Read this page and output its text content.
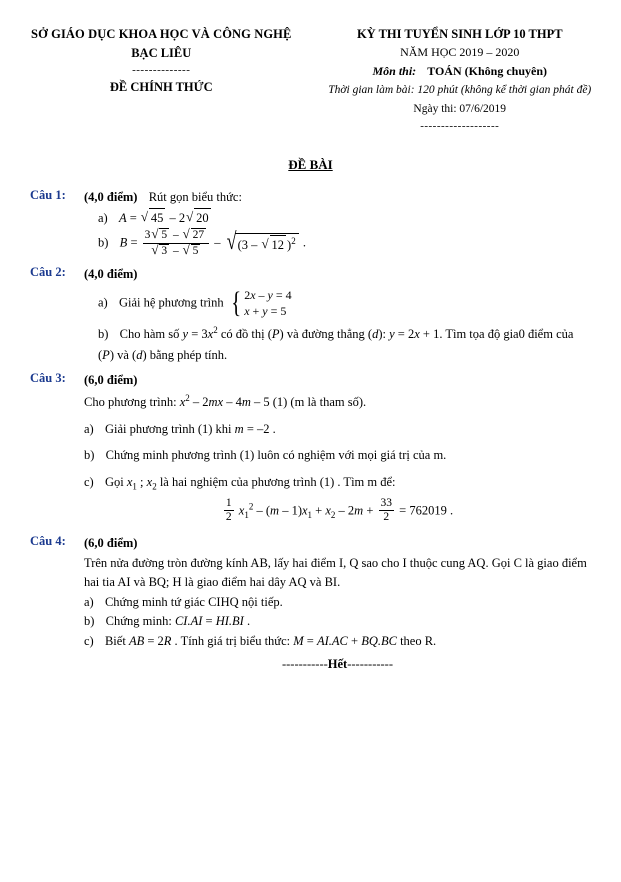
SỞ GIÁO DỤC KHOA HỌC VÀ CÔNG NGHỆ
BẠC LIÊU
--------------
ĐỀ CHÍNH THỨC
KỲ THI TUYỂN SINH LỚP 10 THPT
NĂM HỌC 2019 – 2020
Môn thi: TOÁN (Không chuyên)
Thời gian làm bài: 120 phút (không kể thời gian phát đề)
Ngày thi: 07/6/2019
-------------------
ĐỀ BÀI
Câu 1:	(4,0 điểm) Rút gọn biểu thức:
a) A = √ 45 – 2 √ 20
b) B = 3 √ 5 – √ 27
√ 3 – √ 5 – √ (3 – √ 12 )$^2$ .
Câu 2:	(4,0 điểm)
a) Giải hệ phương trình { 2x – y = 4
x + y = 5
b)  Cho hàm số $y = 3x^2$ có đồ thị (P) và đường thẳng (d): y = 2x + 1. Tìm tọa độ gia0 điểm của
(P) và (d) bằng phép tính.
Câu 3:	(6,0 điểm)
Cho phương trình: $x^2 - 2mx - 4m - 5$ (1) (m là tham số).
a)  Giải phương trình (1) khi m = –2 .
b) Chứng minh phương trình (1) luôn có nghiệm với mọi giá trị của m.
c)  Gọi $x_1$ ; $x_2$ là hai nghiệm của phương trình (1) . Tìm m để:
$\frac{1}{2} x_1^2 - (m - 1)x_1 + x_2 - 2m + \frac{33}{2} = 762019$ .
Câu 4:	(6,0 điểm)
Trên nửa đường tròn đường kính AB, lấy hai điểm I, Q sao cho I thuộc cung AQ. Gọi C là giao điểm hai tia AI và BQ; H là giao điểm hai dây AQ và BI.
a) Chứng minh tứ giác CIHQ nội tiếp.
b)  Chứng minh: CI.AI = HI.BI .
c)  Biết AB = 2R . Tính giá trị biểu thức: M = AI.AC + BQ.BC theo R.
-----------Hết-----------
